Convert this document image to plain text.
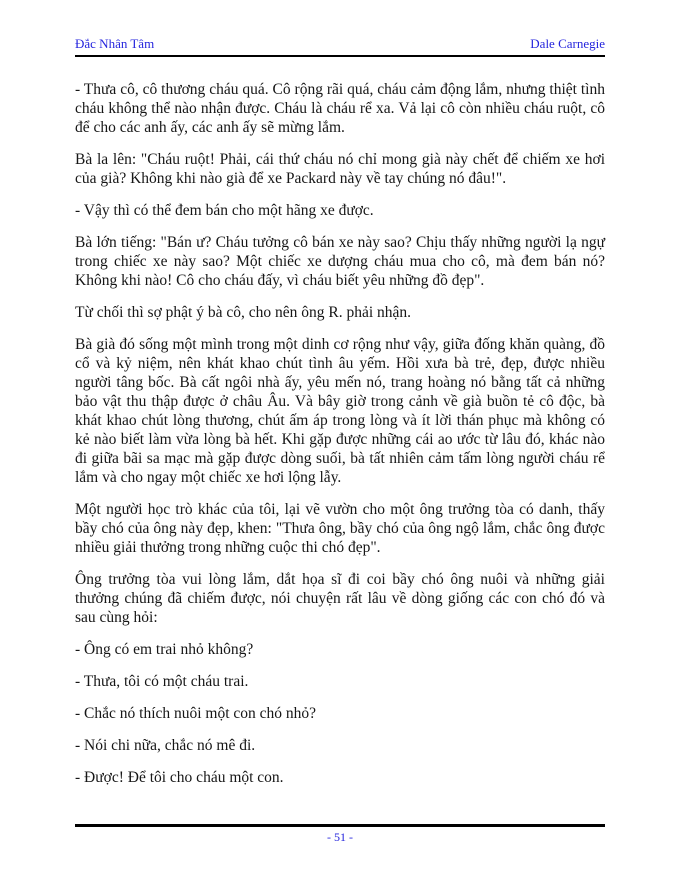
Đắc Nhân Tâm	Dale Carnegie

- Thưa cô, cô thương cháu quá. Cô rộng rãi quá, cháu cảm động lắm, nhưng thiệt tình cháu không thể nào nhận được. Cháu là cháu rể xa. Vả lại cô còn nhiều cháu ruột, cô để cho các anh ấy, các anh ấy sẽ mừng lắm.

Bà la lên: "Cháu ruột! Phải, cái thứ cháu nó chỉ mong già này chết để chiếm xe hơi của già? Không khi nào già để xe Packard này về tay chúng nó đâu!".

- Vậy thì có thể đem bán cho một hãng xe được.

Bà lớn tiếng: "Bán ư? Cháu tưởng cô bán xe này sao? Chịu thấy những người lạ ngự trong chiếc xe này sao? Một chiếc xe dượng cháu mua cho cô, mà đem bán nó? Không khi nào! Cô cho cháu đấy, vì cháu biết yêu những đồ đẹp".

Từ chối thì sợ phật ý bà cô, cho nên ông R. phải nhận.

Bà già đó sống một mình trong một dinh cơ rộng như vậy, giữa đống khăn quàng, đồ cổ và kỷ niệm, nên khát khao chút tình âu yếm. Hồi xưa bà trẻ, đẹp, được nhiều người tâng bốc. Bà cất ngôi nhà ấy, yêu mến nó, trang hoàng nó bằng tất cả những bảo vật thu thập được ở châu Âu. Và bây giờ trong cảnh về già buồn tẻ cô độc, bà khát khao chút lòng thương, chút ấm áp trong lòng và ít lời thán phục mà không có kẻ nào biết làm vừa lòng bà hết. Khi gặp được những cái ao ước từ lâu đó, khác nào đi giữa bãi sa mạc mà gặp được dòng suối, bà tất nhiên cảm tấm lòng người cháu rể lắm và cho ngay một chiếc xe hơi lộng lẫy.

Một người học trò khác của tôi, lại vẽ vườn cho một ông trưởng tòa có danh, thấy bầy chó của ông này đẹp, khen: "Thưa ông, bầy chó của ông ngộ lắm, chắc ông được nhiều giải thưởng trong những cuộc thi chó đẹp".

Ông trưởng tòa vui lòng lắm, dắt họa sĩ đi coi bầy chó ông nuôi và những giải thưởng chúng đã chiếm được, nói chuyện rất lâu về dòng giống các con chó đó và sau cùng hỏi:

- Ông có em trai nhỏ không?

- Thưa, tôi có một cháu trai.

- Chắc nó thích nuôi một con chó nhỏ?

- Nói chi nữa, chắc nó mê đi.

- Được! Để tôi cho cháu một con.

- 51 -
